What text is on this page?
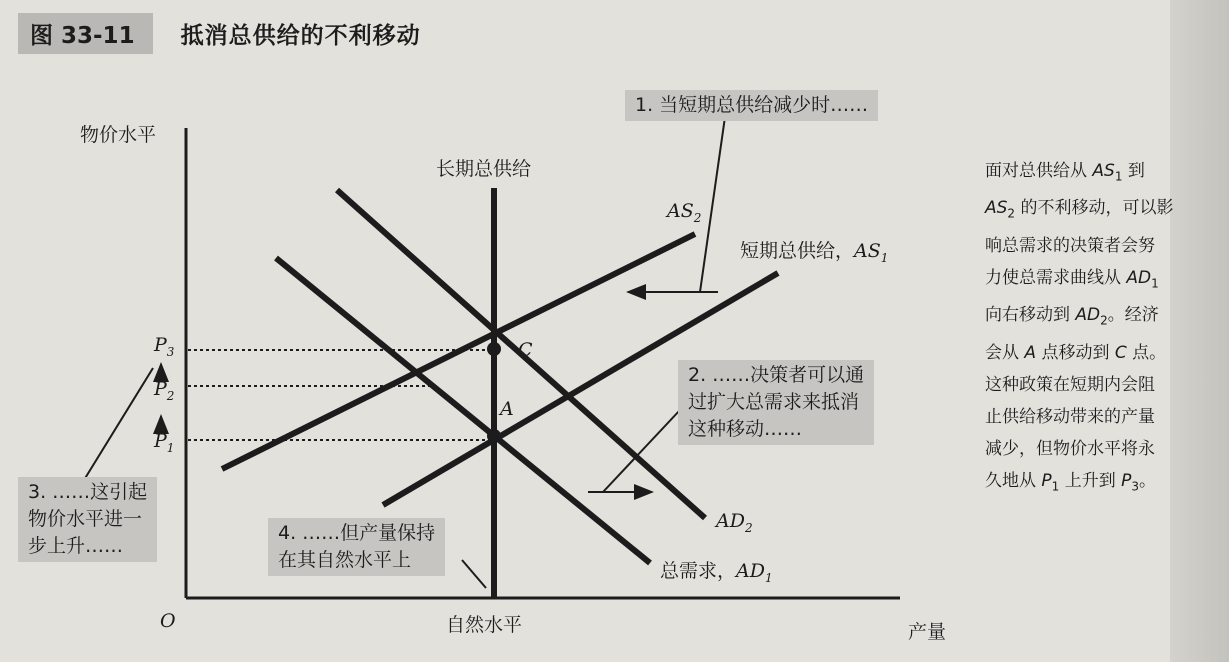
图 33-11	抵消总供给的不利移动
物价水平
产量
O	自然水平
长期总供给
$AS_2$
短期总供给，$AS_1$
$AD_2$
总需求，$AD_1$
C
A
$P_3$
$P_2$
$P_1$
1. 当短期总供给减少时……
2. ……决策者可以通
过扩大总需求来抵消
这种移动……
3. ……这引起
物价水平进一
步上升……
4. ……但产量保持
在其自然水平上
面对总供给从 $AS_1$ 到
$AS_2$ 的不利移动，可以影
响总需求的决策者会努
力使总需求曲线从 $AD_1$
向右移动到 $AD_2$。经济
会从 A 点移动到 C 点。
这种政策在短期内会阻
止供给移动带来的产量
减少，但物价水平将永
久地从 $P_1$ 上升到 $P_3$。
